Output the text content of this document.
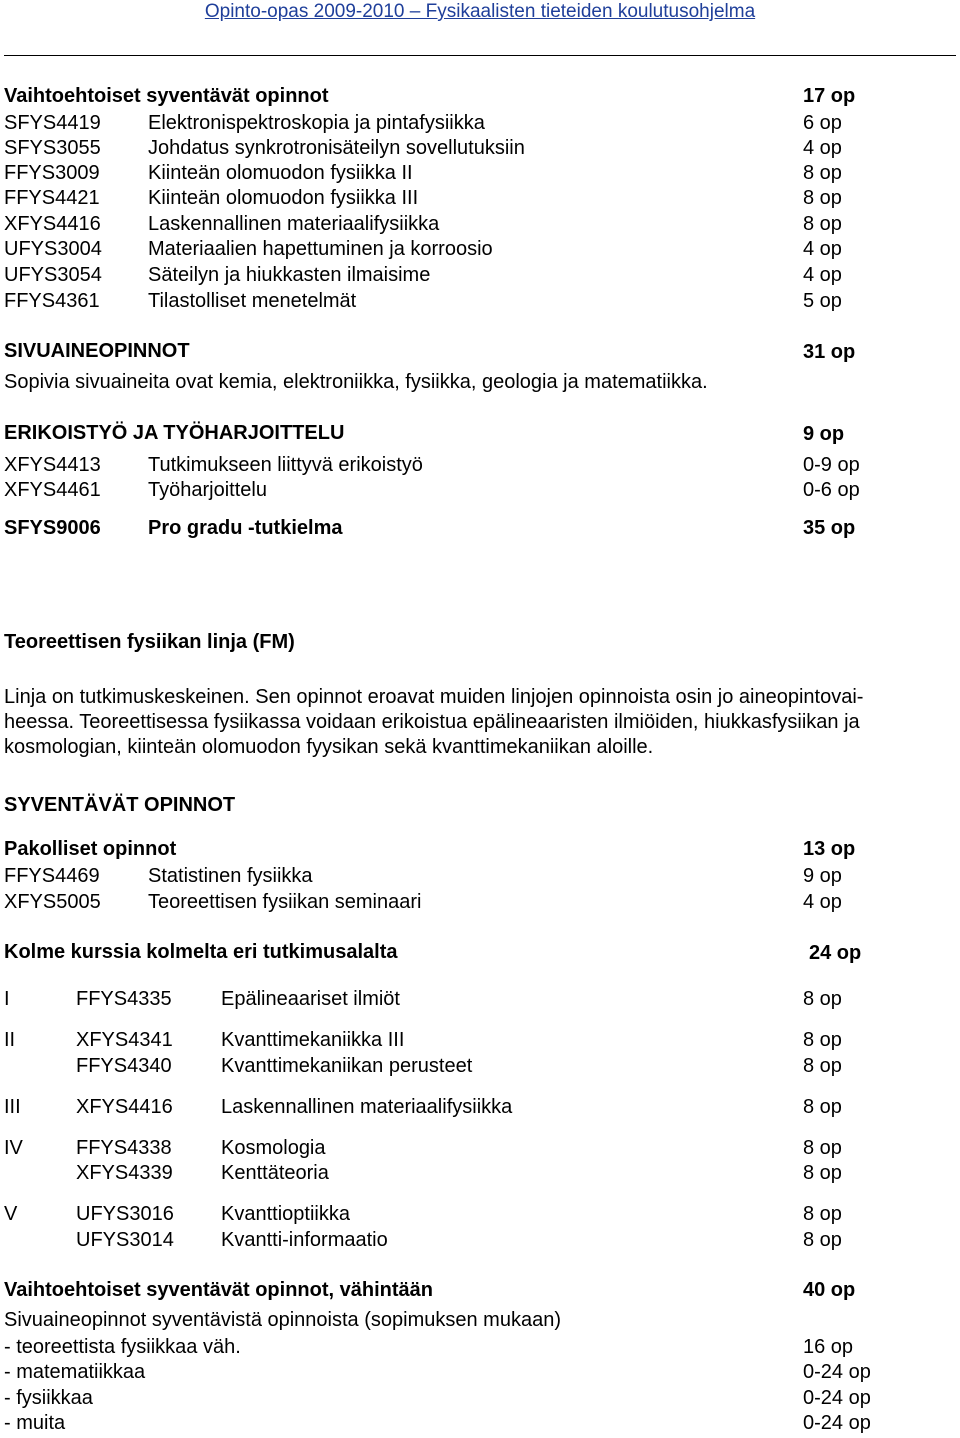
Opinto-opas 2009-2010 – Fysikaalisten tieteiden koulutusohjelma
Vaihtoehtoiset syventävät opinnot	17 op
SFYS4419 Elektronispektroskopia ja pintafysiikka	6 op
SFYS3055 Johdatus synkrotronisäteilyn sovellutuksiin	4 op
FFYS3009 Kiinteän olomuodon fysiikka II	8 op
FFYS4421 Kiinteän olomuodon fysiikka III	8 op
XFYS4416 Laskennallinen materiaalifysiikka	8 op
UFYS3004 Materiaalien hapettuminen ja korroosio	4 op
UFYS3054 Säteilyn ja hiukkasten ilmaisime	4 op
FFYS4361 Tilastolliset menetelmät	5 op
SIVUAINEOPINNOT	31 op
Sopivia sivuaineita ovat kemia, elektroniikka, fysiikka, geologia ja matematiikka.
ERIKOISTYÖ JA TYÖHARJOITTELU	9 op
XFYS4413 Tutkimukseen liittyvä erikoistyö	0-9 op
XFYS4461 Työharjoittelu	0-6 op
SFYS9006 Pro gradu -tutkielma	35 op
Teoreettisen fysiikan linja (FM)
Linja on tutkimuskeskeinen. Sen opinnot eroavat muiden linjojen opinnoista osin jo aineopintovai-
heessa. Teoreettisessa fysiikassa voidaan erikoistua epälineaaristen ilmiöiden, hiukkasfysiikan ja
kosmologian, kiinteän olomuodon fyysikan sekä kvanttimekaniikan aloille.
SYVENTÄVÄT OPINNOT
Pakolliset opinnot	13 op
FFYS4469 Statistinen fysiikka	9 op
XFYS5005 Teoreettisen fysiikan seminaari	4 op
Kolme kurssia kolmelta eri tutkimusalalta	24 op
I	FFYS4335 Epälineaariset ilmiöt	8 op
II	XFYS4341 Kvanttimekaniikka III	8 op
FFYS4340 Kvanttimekaniikan perusteet	8 op
III	XFYS4416 Laskennallinen materiaalifysiikka	8 op
IV	FFYS4338 Kosmologia	8 op
XFYS4339 Kenttäteoria	8 op
V	UFYS3016 Kvanttioptiikka	8 op
UFYS3014 Kvantti-informaatio	8 op
Vaihtoehtoiset syventävät opinnot, vähintään	40 op
Sivuaineopinnot syventävistä opinnoista (sopimuksen mukaan)
- teoreettista fysiikkaa väh.	16 op
- matematiikkaa	0-24 op
- fysiikkaa	0-24 op
- muita	0-24 op
